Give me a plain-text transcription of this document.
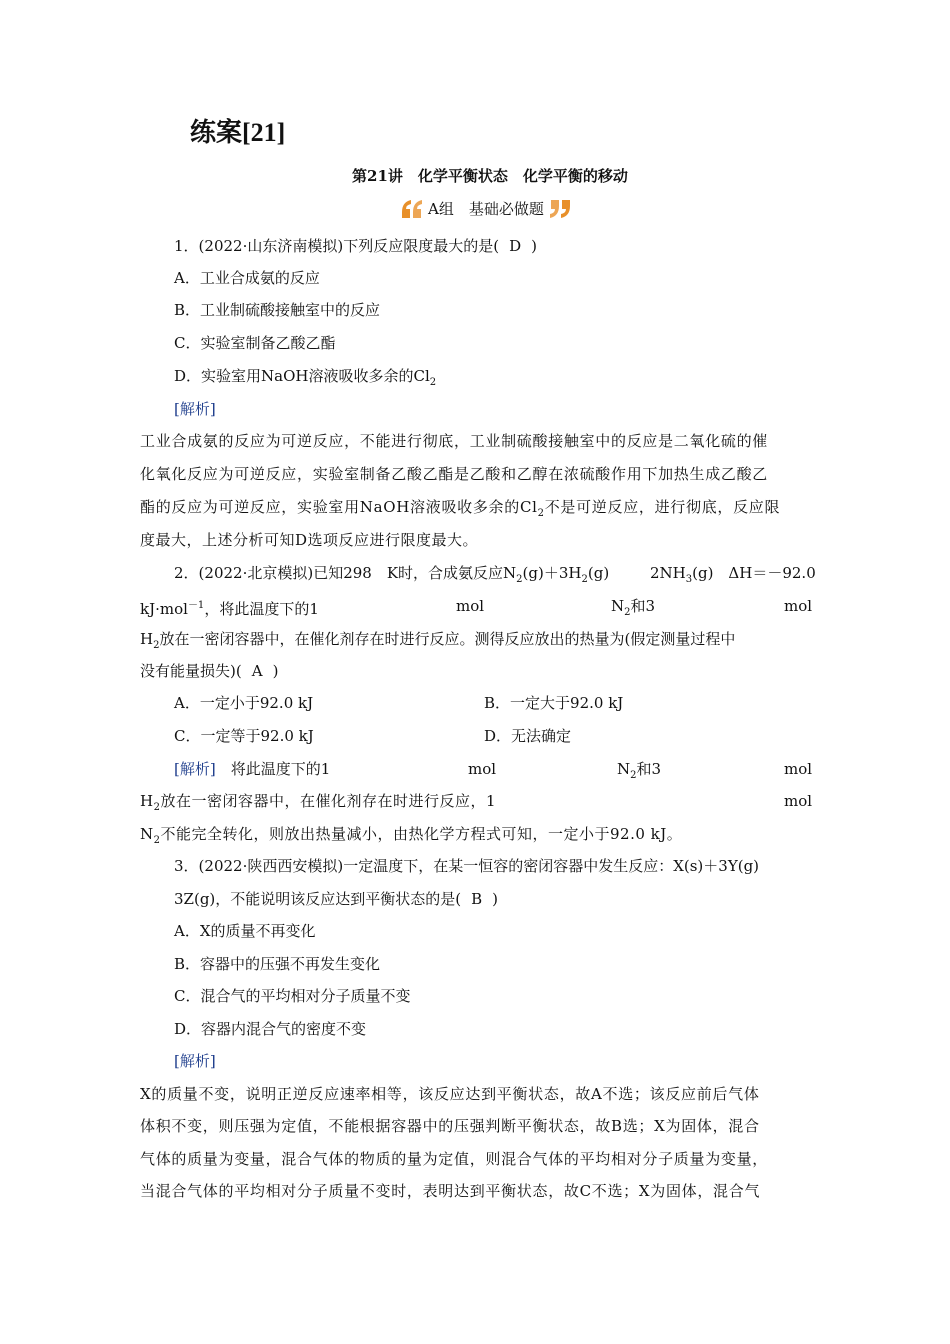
练案[21]
第21讲　化学平衡状态　化学平衡的移动
A组　基础必做题
1．(2022·山东济南模拟)下列反应限度最大的是( D )
A．工业合成氨的反应
B．工业制硫酸接触室中的反应
C．实验室制备乙酸乙酯
D．实验室用NaOH溶液吸收多余的$Cl_2$
[解析]
工业合成氨的反应为可逆反应，不能进行彻底，工业制硫酸接触室中的反应是二氧化硫的催
化氧化反应为可逆反应，实验室制备乙酸乙酯是乙酸和乙醇在浓硫酸作用下加热生成乙酸乙
酯的反应为可逆反应，实验室用NaOH溶液吸收多余的$Cl_2$不是可逆反应，进行彻底，反应限
度最大，上述分析可知D选项反应进行限度最大。
2．(2022·北京模拟)已知298　K时，合成氨反应$N_2(g)+3H_2(g)$	$2NH_3(g)$　ΔH＝－92.0
kJ·mol$^{-1}$，将此温度下的1	mol	$N_2$和3	mol
$H_2$放在一密闭容器中，在催化剂存在时进行反应。测得反应放出的热量为(假定测量过程中
没有能量损失)( A )
A．一定小于92.0 kJ	B．一定大于92.0 kJ
C．一定等于92.0 kJ	D．无法确定
[解析]　 将此温度下的1	mol	$N_2$和3	mol
$H_2$放在一密闭容器中，在催化剂存在时进行反应，1	mol
$N_2$不能完全转化，则放出热量减小，由热化学方程式可知，一定小于92.0 kJ。
3．(2022·陕西西安模拟)一定温度下，在某一恒容的密闭容器中发生反应：X(s)＋3Y(g)
3Z(g)，不能说明该反应达到平衡状态的是( B )
A．X的质量不再变化
B．容器中的压强不再发生变化
C．混合气的平均相对分子质量不变
D．容器内混合气的密度不变
[解析]
X的质量不变，说明正逆反应速率相等，该反应达到平衡状态，故A不选；该反应前后气体
体积不变，则压强为定值，不能根据容器中的压强判断平衡状态，故B选；X为固体，混合
气体的质量为变量，混合气体的物质的量为定值，则混合气体的平均相对分子质量为变量，
当混合气体的平均相对分子质量不变时，表明达到平衡状态，故C不选；X为固体，混合气
